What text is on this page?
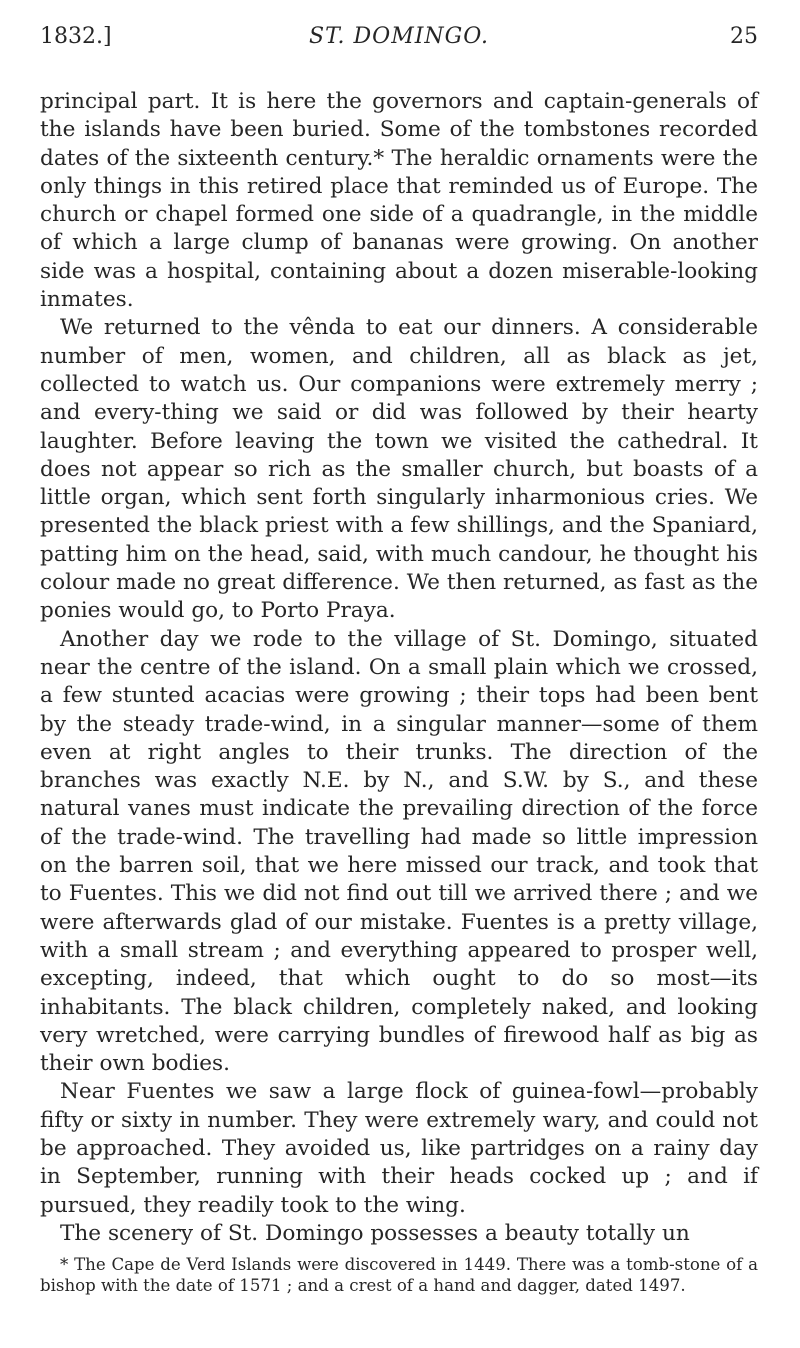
1832.]	ST. DOMINGO.	25

principal part. It is here the governors and captain-generals of the islands have been buried. Some of the tombstones recorded dates of the sixteenth century.* The heraldic ornaments were the only things in this retired place that reminded us of Europe. The church or chapel formed one side of a quadrangle, in the middle of which a large clump of bananas were growing. On another side was a hospital, containing about a dozen miserable-looking inmates.

We returned to the vênda to eat our dinners. A considerable number of men, women, and children, all as black as jet, collected to watch us. Our companions were extremely merry ; and every-thing we said or did was followed by their hearty laughter. Before leaving the town we visited the cathedral. It does not appear so rich as the smaller church, but boasts of a little organ, which sent forth singularly inharmonious cries. We presented the black priest with a few shillings, and the Spaniard, patting him on the head, said, with much candour, he thought his colour made no great difference. We then returned, as fast as the ponies would go, to Porto Praya.

Another day we rode to the village of St. Domingo, situated near the centre of the island. On a small plain which we crossed, a few stunted acacias were growing ; their tops had been bent by the steady trade-wind, in a singular manner—some of them even at right angles to their trunks. The direction of the branches was exactly N.E. by N., and S.W. by S., and these natural vanes must indicate the prevailing direction of the force of the trade-wind. The travelling had made so little impression on the barren soil, that we here missed our track, and took that to Fuentes. This we did not find out till we arrived there ; and we were afterwards glad of our mistake. Fuentes is a pretty village, with a small stream ; and everything appeared to prosper well, excepting, indeed, that which ought to do so most—its inhabitants. The black children, completely naked, and looking very wretched, were carrying bundles of firewood half as big as their own bodies.

Near Fuentes we saw a large flock of guinea-fowl—probably fifty or sixty in number. They were extremely wary, and could not be approached. They avoided us, like partridges on a rainy day in September, running with their heads cocked up ; and if pursued, they readily took to the wing.

The scenery of St. Domingo possesses a beauty totally un

* The Cape de Verd Islands were discovered in 1449. There was a tomb-stone of a bishop with the date of 1571 ; and a crest of a hand and dagger, dated 1497.
